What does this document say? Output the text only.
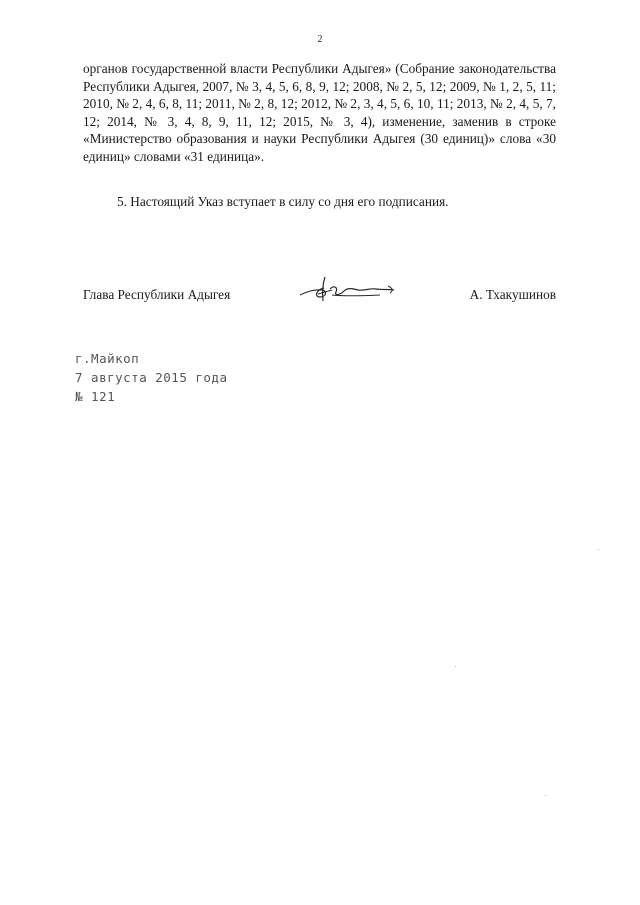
2

органов государственной власти Республики Адыгея» (Собрание законодательства Республики Адыгея, 2007, № 3, 4, 5, 6, 8, 9, 12; 2008, № 2, 5, 12; 2009, № 1, 2, 5, 11; 2010, № 2, 4, 6, 8, 11; 2011, № 2, 8, 12; 2012, № 2, 3, 4, 5, 6, 10, 11; 2013, № 2, 4, 5, 7, 12; 2014, № 3, 4, 8, 9, 11, 12; 2015, № 3, 4), изменение, заменив в строке «Министерство образования и науки Республики Адыгея (30 единиц)» слова «30 единиц» словами «31 единица».

5. Настоящий Указ вступает в силу со дня его подписания.

Глава Республики Адыгея	А. Тхакушинов
г.Майкоп
7 августа 2015 года
№ 121
